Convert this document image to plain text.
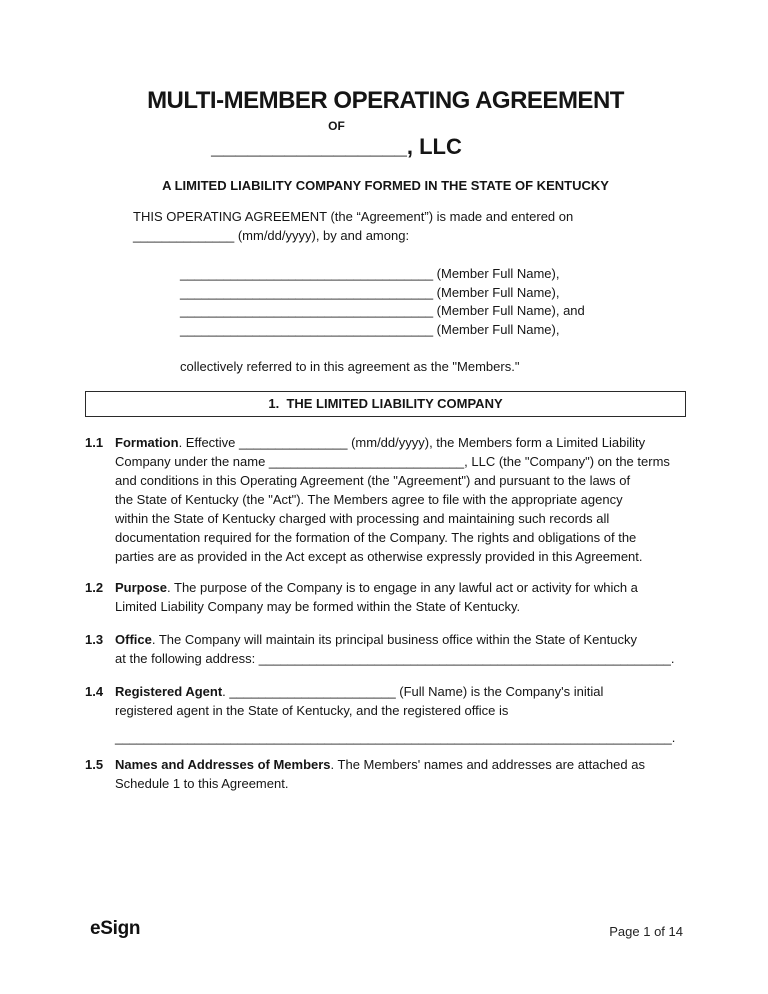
MULTI-MEMBER OPERATING AGREEMENT
OF
________________, LLC
A LIMITED LIABILITY COMPANY FORMED IN THE STATE OF KENTUCKY
THIS OPERATING AGREEMENT (the “Agreement”) is made and entered on
______________ (mm/dd/yyyy), by and among:
___________________________________ (Member Full Name),
___________________________________ (Member Full Name),
___________________________________ (Member Full Name), and
___________________________________ (Member Full Name),
collectively referred to in this agreement as the "Members."
1.  THE LIMITED LIABILITY COMPANY
1.1 Formation. Effective _______________ (mm/dd/yyyy), the Members form a Limited Liability
Company under the name ___________________________, LLC (the "Company") on the terms
and conditions in this Operating Agreement (the "Agreement") and pursuant to the laws of
the State of Kentucky (the "Act"). The Members agree to file with the appropriate agency
within the State of Kentucky charged with processing and maintaining such records all
documentation required for the formation of the Company. The rights and obligations of the
parties are as provided in the Act except as otherwise expressly provided in this Agreement.
1.2 Purpose. The purpose of the Company is to engage in any lawful act or activity for which a
Limited Liability Company may be formed within the State of Kentucky.
1.3 Office. The Company will maintain its principal business office within the State of Kentucky
at the following address: _________________________________________________________.
1.4 Registered Agent. _______________________ (Full Name) is the Company's initial
registered agent in the State of Kentucky, and the registered office is
_____________________________________________________________________________.
1.5 Names and Addresses of Members. The Members' names and addresses are attached as
Schedule 1 to this Agreement.
eSign	Page 1 of 14
